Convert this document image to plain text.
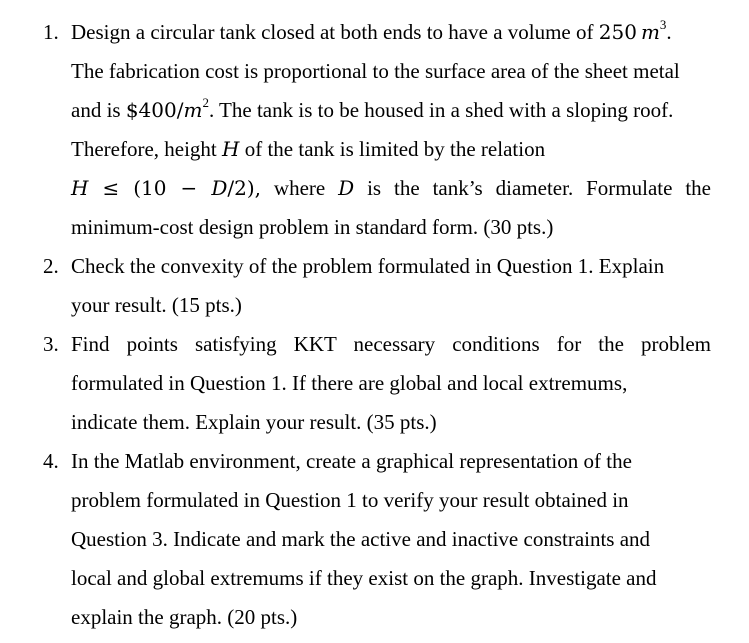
1. Design a circular tank closed at both ends to have a volume of 250  $m^3$.
The fabrication cost is proportional to the surface area of the sheet metal
and is $\$400/m^2$. The tank is to be housed in a shed with a sloping roof.
Therefore, height H of the tank is limited by the relation
H ≤ (10 − D/2), where D is the tank’s diameter. Formulate the
minimum-cost design problem in standard form. (30 pts.)
2. Check the convexity of the problem formulated in Question 1. Explain
your result. (15 pts.)
3. Find points satisfying KKT necessary conditions for the problem
formulated in Question 1. If there are global and local extremums,
indicate them. Explain your result. (35 pts.)
4. In the Matlab environment, create a graphical representation of the
problem formulated in Question 1 to verify your result obtained in
Question 3. Indicate and mark the active and inactive constraints and
local and global extremums if they exist on the graph. Investigate and
explain the graph. (20 pts.)
